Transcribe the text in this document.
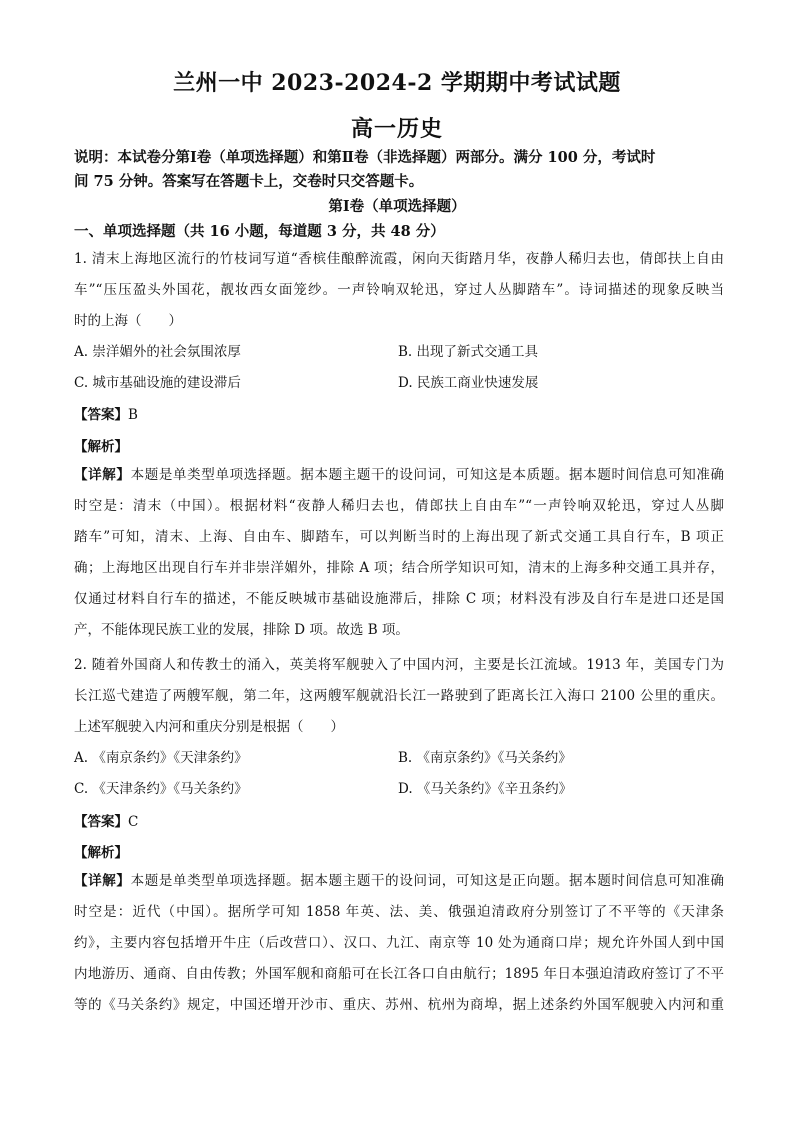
兰州一中 2023-2024-2 学期期中考试试题
高一历史
说明：本试卷分第Ⅰ卷（单项选择题）和第Ⅱ卷（非选择题）两部分。满分 100 分，考试时
间 75 分钟。答案写在答题卡上，交卷时只交答题卡。
第Ⅰ卷（单项选择题）
一、单项选择题（共 16 小题，每道题 3 分，共 48 分）
1. 清末上海地区流行的竹枝词写道“香槟佳酿醉流霞，闲向天街踏月华，夜静人稀归去也，倩郎扶上自由
车”“压压盈头外国花，靓妆西女面笼纱。一声铃响双轮迅，穿过人丛脚踏车”。诗词描述的现象反映当
时的上海（　　）
A. 崇洋媚外的社会氛围浓厚	B. 出现了新式交通工具
C. 城市基础设施的建设滞后	D. 民族工商业快速发展
【答案】B
【解析】
【详解】本题是单类型单项选择题。据本题主题干的设问词，可知这是本质题。据本题时间信息可知准确
时空是：清末（中国）。根据材料“夜静人稀归去也，倩郎扶上自由车”“一声铃响双轮迅，穿过人丛脚
踏车”可知，清末、上海、自由车、脚踏车，可以判断当时的上海出现了新式交通工具自行车，B 项正
确；上海地区出现自行车并非崇洋媚外，排除 A 项；结合所学知识可知，清末的上海多种交通工具并存，
仅通过材料自行车的描述，不能反映城市基础设施滞后，排除 C 项；材料没有涉及自行车是进口还是国
产，不能体现民族工业的发展，排除 D 项。故选 B 项。
2. 随着外国商人和传教士的涌入，英美将军舰驶入了中国内河，主要是长江流域。1913 年，美国专门为
长江巡弋建造了两艘军舰，第二年，这两艘军舰就沿长江一路驶到了距离长江入海口 2100 公里的重庆。
上述军舰驶入内河和重庆分别是根据（　　）
A. 《南京条约》《天津条约》	B. 《南京条约》《马关条约》
C. 《天津条约》《马关条约》	D. 《马关条约》《辛丑条约》
【答案】C
【解析】
【详解】本题是单类型单项选择题。据本题主题干的设问词，可知这是正向题。据本题时间信息可知准确
时空是：近代（中国）。据所学可知 1858 年英、法、美、俄强迫清政府分别签订了不平等的《天津条
约》，主要内容包括增开牛庄（后改营口）、汉口、九江、南京等 10 处为通商口岸；规允许外国人到中国
内地游历、通商、自由传教；外国军舰和商船可在长江各口自由航行；1895 年日本强迫清政府签订了不平
等的《马关条约》规定，中国还增开沙市、重庆、苏州、杭州为商埠，据上述条约外国军舰驶入内河和重
